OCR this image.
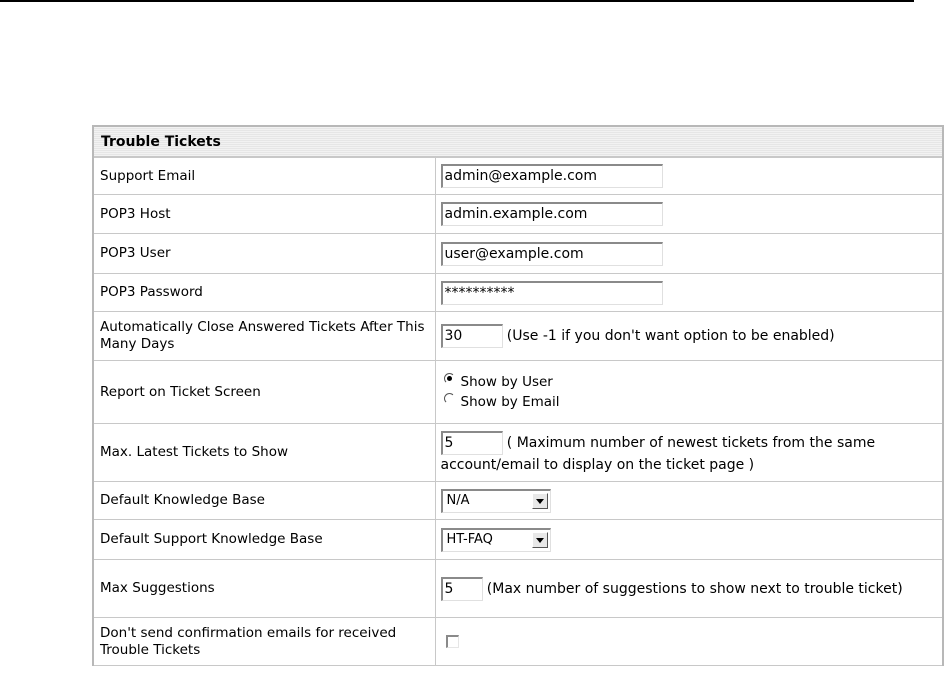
Trouble Tickets
Support Email	admin@example.com
POP3 Host	admin.example.com
POP3 User	user@example.com
POP3 Password	**********
Automatically Close Answered Tickets After This Many Days	30 (Use -1 if you don't want option to be enabled)
Report on Ticket Screen	Show by User
Show by Email

Max. Latest Tickets to Show	5 ( Maximum number of newest tickets from the same account/email to display on the ticket page )
Default Knowledge Base	N/A

Default Support Knowledge Base	HT-FAQ

Max Suggestions	5 (Max number of suggestions to show next to trouble ticket)
Don't send confirmation emails for received Trouble Tickets	
